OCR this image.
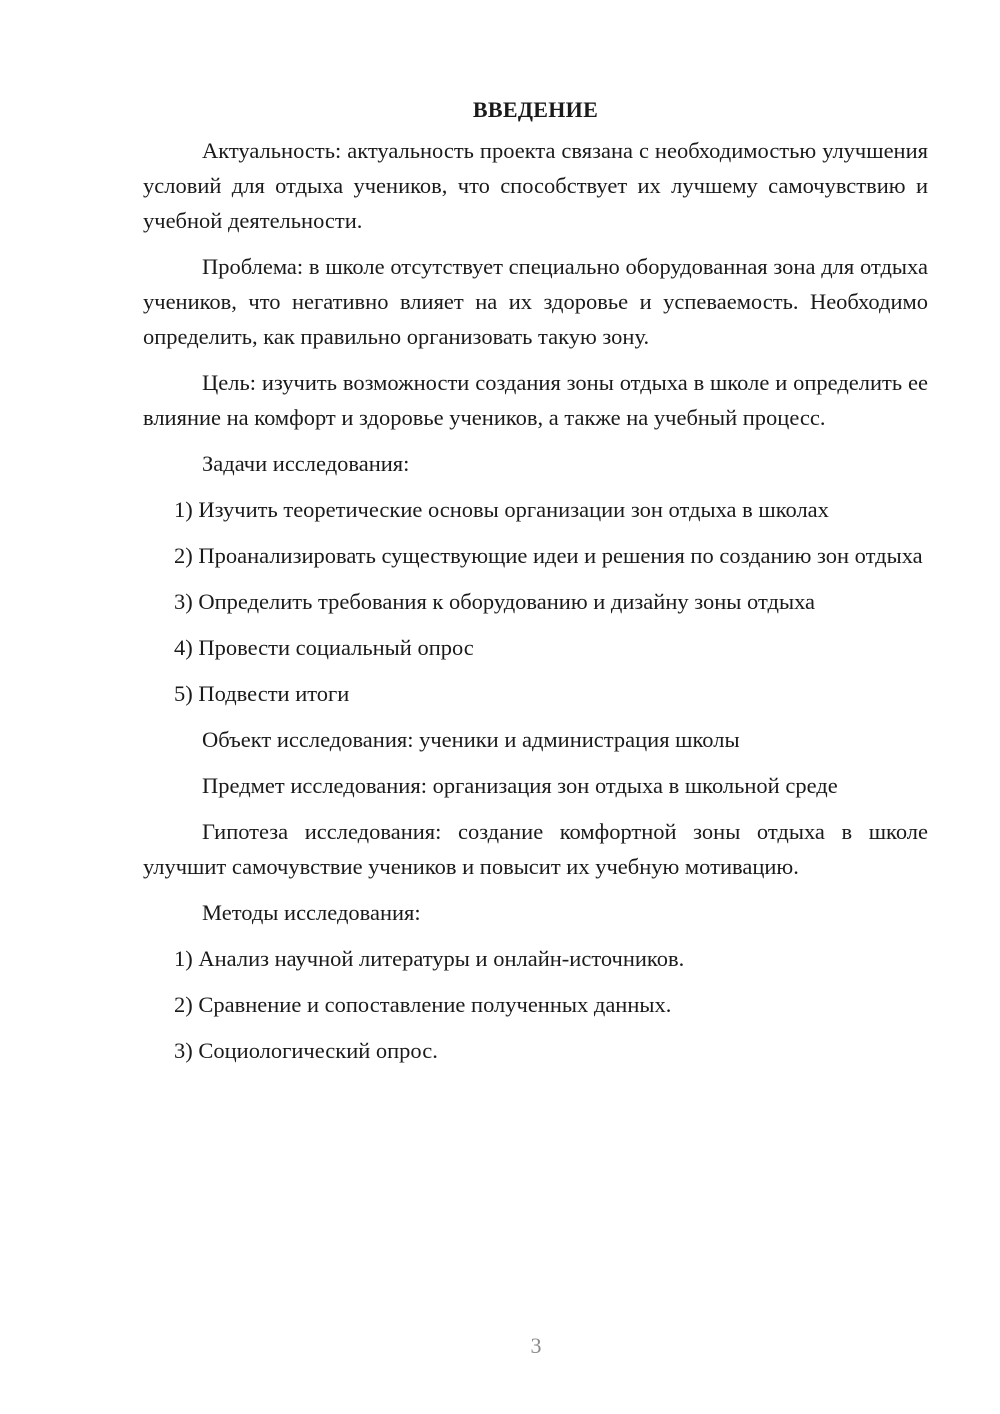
ВВЕДЕНИЕ

Актуальность: актуальность проекта связана с необходимостью улучшения условий для отдыха учеников, что способствует их лучшему самочувствию и учебной деятельности.

Проблема: в школе отсутствует специально оборудованная зона для отдыха учеников, что негативно влияет на их здоровье и успеваемость. Необходимо определить, как правильно организовать такую зону.

Цель: изучить возможности создания зоны отдыха в школе и определить ее влияние на комфорт и здоровье учеников, а также на учебный процесс.

Задачи исследования:

1) Изучить теоретические основы организации зон отдыха в школах

2) Проанализировать существующие идеи и решения по созданию зон отдыха

3) Определить требования к оборудованию и дизайну зоны отдыха

4) Провести социальный опрос

5) Подвести итоги

Объект исследования: ученики и администрация школы

Предмет исследования: организация зон отдыха в школьной среде

Гипотеза исследования: создание комфортной зоны отдыха в школе улучшит самочувствие учеников и повысит их учебную мотивацию.

Методы исследования:

1) Анализ научной литературы и онлайн-источников.

2) Сравнение и сопоставление полученных данных.

3) Социологический опрос.

3
